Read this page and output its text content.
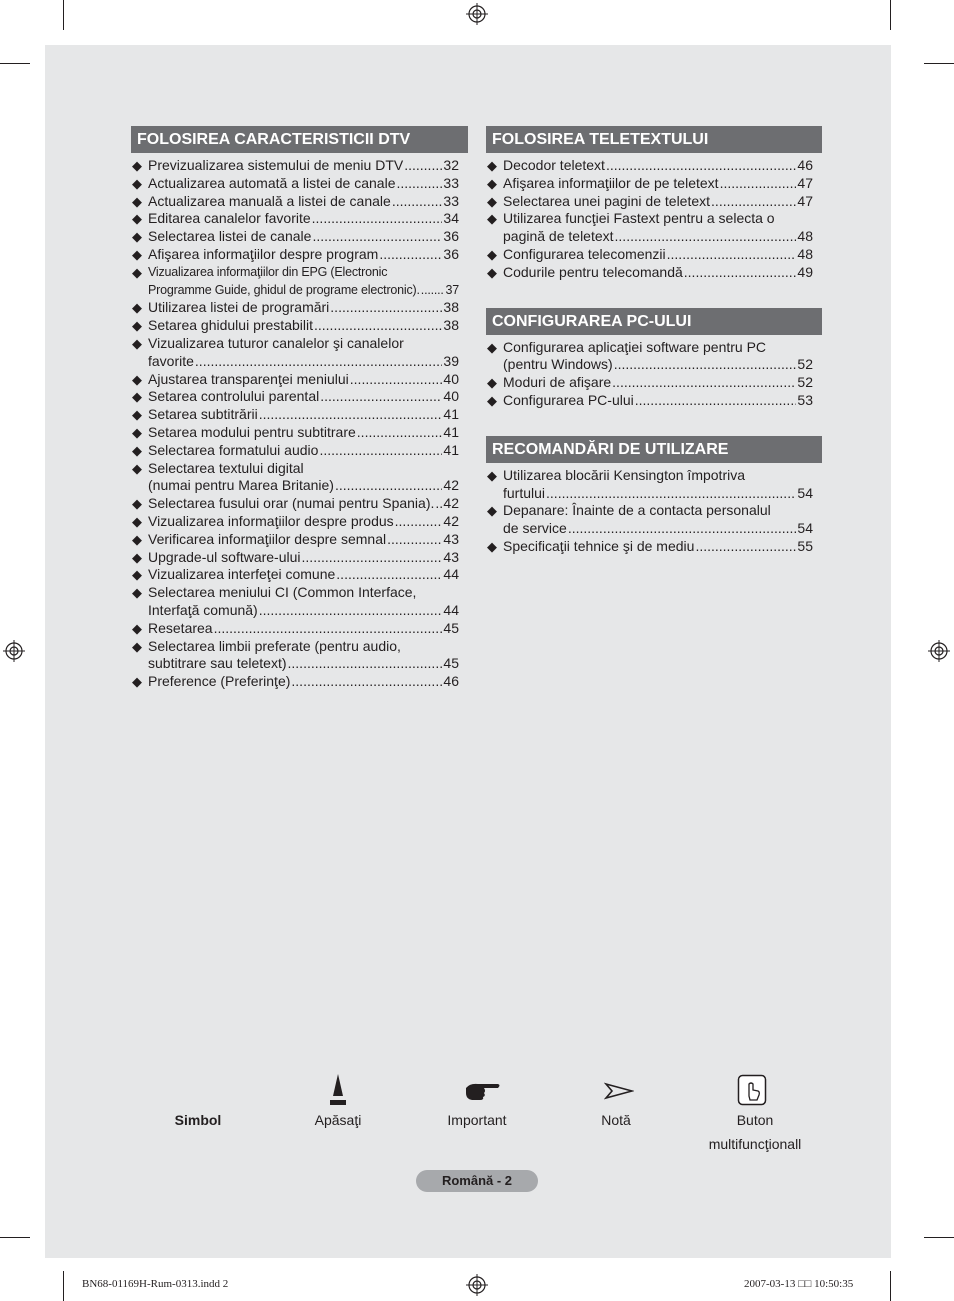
FOLOSIREA CARACTERISTICII DTV
◆ Previzualizarea sistemului de meniu DTV .....	32
◆ Actualizarea automată a listei de canale .....	33
◆ Actualizarea manuală a listei de canale .....	33
◆ Editarea canalelor favorite .....	34
◆ Selectarea listei de canale .....	36
◆ Afişarea informaţiilor despre program .....	36
◆ Vizualizarea informaţiilor din EPG (Electronic
Programme Guide, ghidul de programe electronic). ..... 37
◆ Utilizarea listei de programări .....	38
◆ Setarea ghidului prestabilit .....	38
◆ Vizualizarea tuturor canalelor şi canalelor
favorite .....	39
◆ Ajustarea transparenţei meniului .....	40
◆ Setarea controlului parental .....	40
◆ Setarea subtitrării .....	41
◆ Setarea modului pentru subtitrare .....	41
◆ Selectarea formatului audio .....	41
◆ Selectarea textului digital
(numai pentru Marea Britanie) .....	42
◆ Selectarea fusului orar (numai pentru Spania). ..... 42
◆ Vizualizarea informaţiilor despre produs .....	42
◆ Verificarea informaţiilor despre semnal .....	43
◆ Upgrade-ul software-ului .....	43
◆ Vizualizarea interfeţei comune .....	44
◆ Selectarea meniului CI (Common Interface,
Interfaţă comună) .....	44
◆ Resetarea .....	45
◆ Selectarea limbii preferate (pentru audio,
subtitrare sau teletext) .....	45
◆ Preference (Preferinţe) .....	46
FOLOSIREA TELETEXTULUI
◆ Decodor teletext .....	46
◆ Afişarea informaţiilor de pe teletext .....	47
◆ Selectarea unei pagini de teletext .....	47
◆ Utilizarea funcţiei Fastext pentru a selecta o
pagină de teletext .....	48
◆ Configurarea telecomenzii .....	48
◆ Codurile pentru telecomandă .....	49
CONFIGURAREA PC-ULUI
◆ Configurarea aplicaţiei software pentru PC
(pentru Windows) .....	52
◆ Moduri de afişare .....	52
◆ Configurarea PC-ului .....	53
RECOMANDĂRI DE UTILIZARE
◆ Utilizarea blocării Kensington împotriva
furtului .....	54
◆ Depanare: Înainte de a contacta personalul
de service .....	54
◆ Specificaţii tehnice şi de mediu .....	55
Simbol	Apăsaţi	Important	Notă	Buton
multifuncţionall
Română - 2
BN68-01169H-Rum-0313.indd 2	2007-03-13 □□ 10:50:35
